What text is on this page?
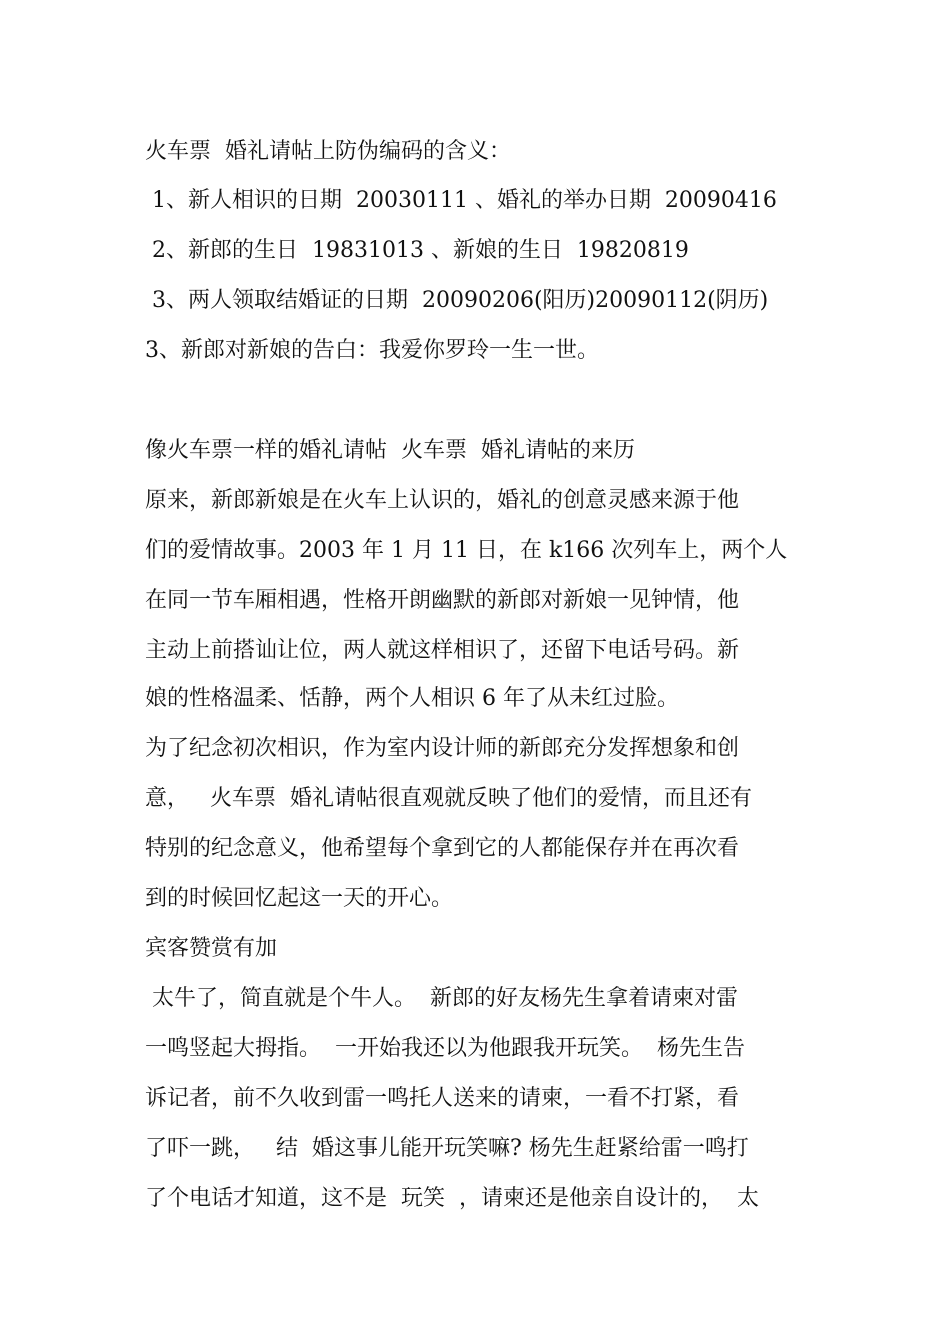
火车票  婚礼请帖上防伪编码的含义：
1、新人相识的日期  20030111 、婚礼的举办日期  20090416
2、新郎的生日  19831013 、新娘的生日  19820819
3、两人领取结婚证的日期  20090206(阳历)20090112(阴历)
3、新郎对新娘的告白：我爱你罗玲一生一世。
像火车票一样的婚礼请帖  火车票  婚礼请帖的来历
原来，新郎新娘是在火车上认识的，婚礼的创意灵感来源于他
们的爱情故事。2003 年 1 月 11 日，在 k166 次列车上，两个人
在同一节车厢相遇，性格开朗幽默的新郎对新娘一见钟情，他
主动上前搭讪让位，两人就这样相识了，还留下电话号码。新
娘的性格温柔、恬静，两个人相识 6 年了从未红过脸。
为了纪念初次相识，作为室内设计师的新郎充分发挥想象和创
意，   火车票  婚礼请帖很直观就反映了他们的爱情，而且还有
特别的纪念意义，他希望每个拿到它的人都能保存并在再次看
到的时候回忆起这一天的开心。
宾客赞赏有加
太牛了，简直就是个牛人。  新郎的好友杨先生拿着请柬对雷
一鸣竖起大拇指。  一开始我还以为他跟我开玩笑。  杨先生告
诉记者，前不久收到雷一鸣托人送来的请柬，一看不打紧，看
了吓一跳，   结  婚这事儿能开玩笑嘛? 杨先生赶紧给雷一鸣打
了个电话才知道，这不是  玩笑  ，请柬还是他亲自设计的，  太
